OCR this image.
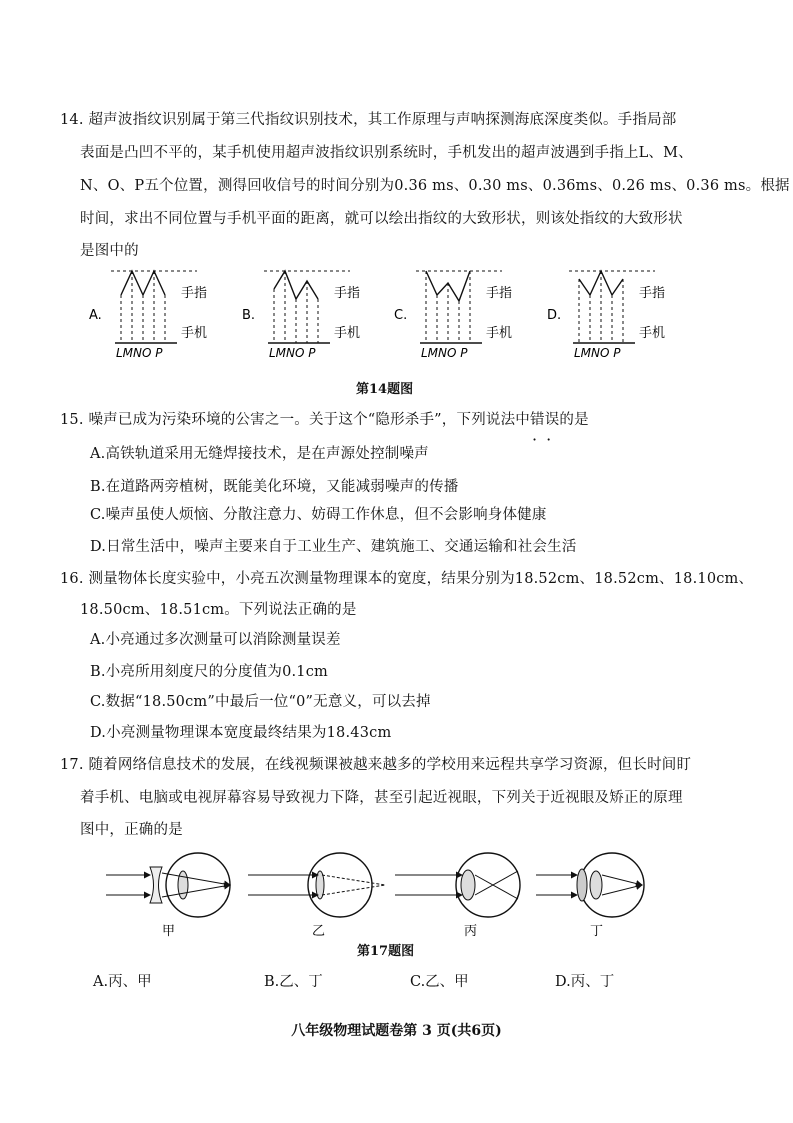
14. 超声波指纹识别属于第三代指纹识别技术，其工作原理与声呐探测海底深度类似。手指局部
表面是凸凹不平的，某手机使用超声波指纹识别系统时，手机发出的超声波遇到手指上L、M、
N、O、P五个位置，测得回收信号的时间分别为0.36 ms、0.30 ms、0.36ms、0.26 ms、0.36 ms。根据
时间，求出不同位置与手机平面的距离，就可以绘出指纹的大致形状，则该处指纹的大致形状
是图中的
A.
手指
手机
LMNO P
B.
手指
手机
LMNO P
C.
手指
手机
LMNO P
D.
手指
手机
LMNO P
第14题图
15. 噪声已成为污染环境的公害之一。关于这个“隐形杀手”，下列说法中错误的是
··
A.高铁轨道采用无缝焊接技术，是在声源处控制噪声
B.在道路两旁植树，既能美化环境，又能减弱噪声的传播
C.噪声虽使人烦恼、分散注意力、妨碍工作休息，但不会影响身体健康
D.日常生活中，噪声主要来自于工业生产、建筑施工、交通运输和社会生活
16. 测量物体长度实验中，小亮五次测量物理课本的宽度，结果分别为18.52cm、18.52cm、18.10cm、
18.50cm、18.51cm。下列说法正确的是
A.小亮通过多次测量可以消除测量误差
B.小亮所用刻度尺的分度值为0.1cm
C.数据“18.50cm”中最后一位“0”无意义，可以去掉
D.小亮测量物理课本宽度最终结果为18.43cm
17. 随着网络信息技术的发展，在线视频课被越来越多的学校用来远程共享学习资源，但长时间盯
着手机、电脑或电视屏幕容易导致视力下降，甚至引起近视眼，下列关于近视眼及矫正的原理
图中，正确的是
甲	乙	丙	丁
第17题图
A.丙、甲	B.乙、丁	C.乙、甲	D.丙、丁
八年级物理试题卷第 3 页(共6页)
